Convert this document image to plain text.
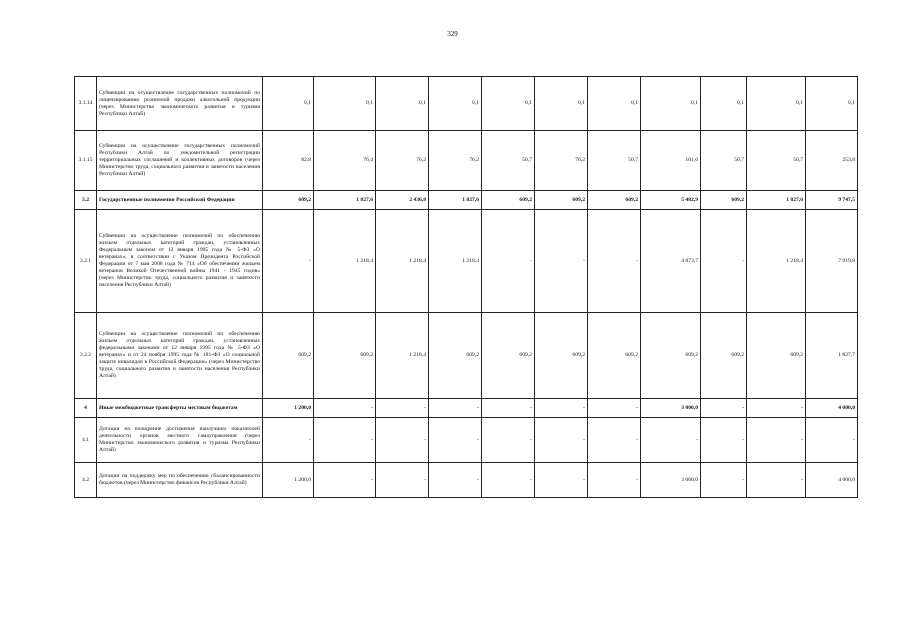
329
3.1.14	Субвенции на осуществление государственных полномочий по лицензированию розничной продажи алкогольной продукции (через Министерство экономического развития и туризма Республики Алтай)	0,1	0,1	0,1	0,1	0,1	0,1	0,1	0,1	0,1	0,1	0,1
3.1.15	Субвенции на осуществление государственных полномочий Республики Алтай по уведомительной регистрации территориальных соглашений и коллективных договоров (через Министерство труда, социального развития и занятости населения Республики Алтай)	82,8	76,4	76,2	76,2	50,7	76,2	50,7	101,6	50,7	50,7	253,8
3.2	Государственные полномочия Российской Федерации	609,2	1 827,6	2 436,8	1 827,6	609,2	609,2	609,2	5 482,9	609,2	1 827,6	9 747,5
3.2.1	Субвенции на осуществление полномочий по обеспечению жильем отдельных категорий граждан, установленных Федеральным законом от 12 января 1995 года № 5-ФЗ «О ветеранах», в соответствии с Указом Президента Российской Федерации от 7 мая 2008 года № 714 «Об обеспечении жильем ветеранов Великой Отечественной войны 1941 - 1945 годов» (через Министерство труда, социального развития и занятости населения Республики Алтай)	-	1 218,4	1 218,4	1 218,4	-	-	-	4 873,7	-	1 218,4	7 919,8
3.2.2	Субвенции на осуществление полномочий по обеспечению жильем отдельных категорий граждан, установленных федеральными законами от 12 января 1995 года № 5-ФЗ «О ветеранах» и от 24 ноября 1995 года № 181-ФЗ «О социальной защите инвалидов в Российской Федерации» (через Министерство труда, социального развития и занятости населения Республики Алтай)	609,2	609,2	1 218,4	609,2	609,2	609,2	609,2	609,2	609,2	609,2	1 827,7
4	Иные межбюджетные трансферты местным бюджетам	1 200,0	-	-	-	-	-	-	3 000,0	-	-	4 000,0
4.1	Дотации на поощрение достижения наилучших показателей деятельности органов местного самоуправления (через Министерство экономического развития и туризма Республики Алтай)	-	-	-	-	-	-	-	-	-	-	-
4.2	Дотации на поддержку мер по обеспечению сбалансированности бюджетов (через Министерство финансов Республики Алтай)	1 200,0	-	-	-	-	-	-	3 000,0	-	-	4 000,0
